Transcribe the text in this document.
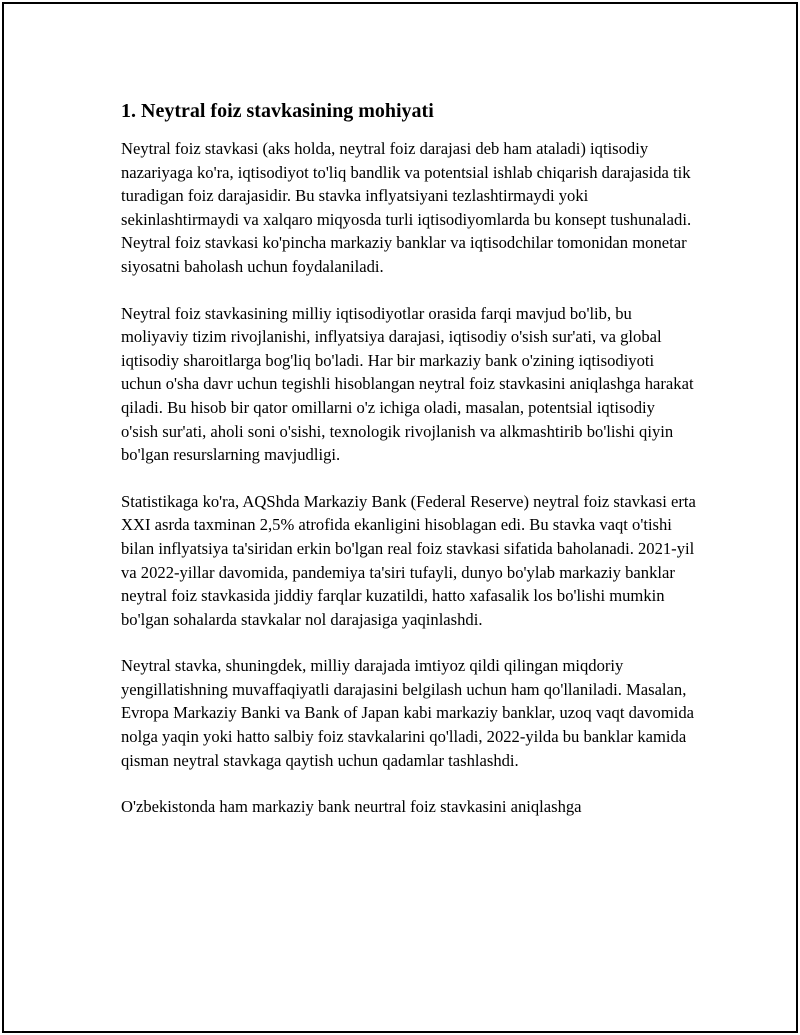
1. Neytral foiz stavkasining mohiyati

Neytral foiz stavkasi (aks holda, neytral foiz darajasi deb ham ataladi) iqtisodiy nazariyaga ko'ra, iqtisodiyot to'liq bandlik va potentsial ishlab chiqarish darajasida tik turadigan foiz darajasidir. Bu stavka inflyatsiyani tezlashtirmaydi yoki sekinlashtirmaydi va xalqaro miqyosda turli iqtisodiyomlarda bu konsept tushunaladi. Neytral foiz stavkasi ko'pincha markaziy banklar va iqtisodchilar tomonidan monetar siyosatni baholash uchun foydalaniladi.

Neytral foiz stavkasining milliy iqtisodiyotlar orasida farqi mavjud bo'lib, bu moliyaviy tizim rivojlanishi, inflyatsiya darajasi, iqtisodiy o'sish sur'ati, va global iqtisodiy sharoitlarga bog'liq bo'ladi. Har bir markaziy bank o'zining iqtisodiyoti uchun o'sha davr uchun tegishli hisoblangan neytral foiz stavkasini aniqlashga harakat qiladi. Bu hisob bir qator omillarni o'z ichiga oladi, masalan, potentsial iqtisodiy o'sish sur'ati, aholi soni o'sishi, texnologik rivojlanish va alkmashtirib bo'lishi qiyin bo'lgan resurslarning mavjudligi.

Statistikaga ko'ra, AQShda Markaziy Bank (Federal Reserve) neytral foiz stavkasi erta XXI asrda taxminan 2,5% atrofida ekanligini hisoblagan edi. Bu stavka vaqt o'tishi bilan inflyatsiya ta'siridan erkin bo'lgan real foiz stavkasi sifatida baholanadi. 2021-yil va 2022-yillar davomida, pandemiya ta'siri tufayli, dunyo bo'ylab markaziy banklar neytral foiz stavkasida jiddiy farqlar kuzatildi, hatto xafasalik los bo'lishi mumkin bo'lgan sohalarda stavkalar nol darajasiga yaqinlashdi.

Neytral stavka, shuningdek, milliy darajada imtiyoz qildi qilingan miqdoriy yengillatishning muvaffaqiyatli darajasini belgilash uchun ham qo'llaniladi. Masalan, Evropa Markaziy Banki va Bank of Japan kabi markaziy banklar, uzoq vaqt davomida nolga yaqin yoki hatto salbiy foiz stavkalarini qo'lladi, 2022-yilda bu banklar kamida qisman neytral stavkaga qaytish uchun qadamlar tashlashdi.

O'zbekistonda ham markaziy bank neurtral foiz stavkasini aniqlashga
